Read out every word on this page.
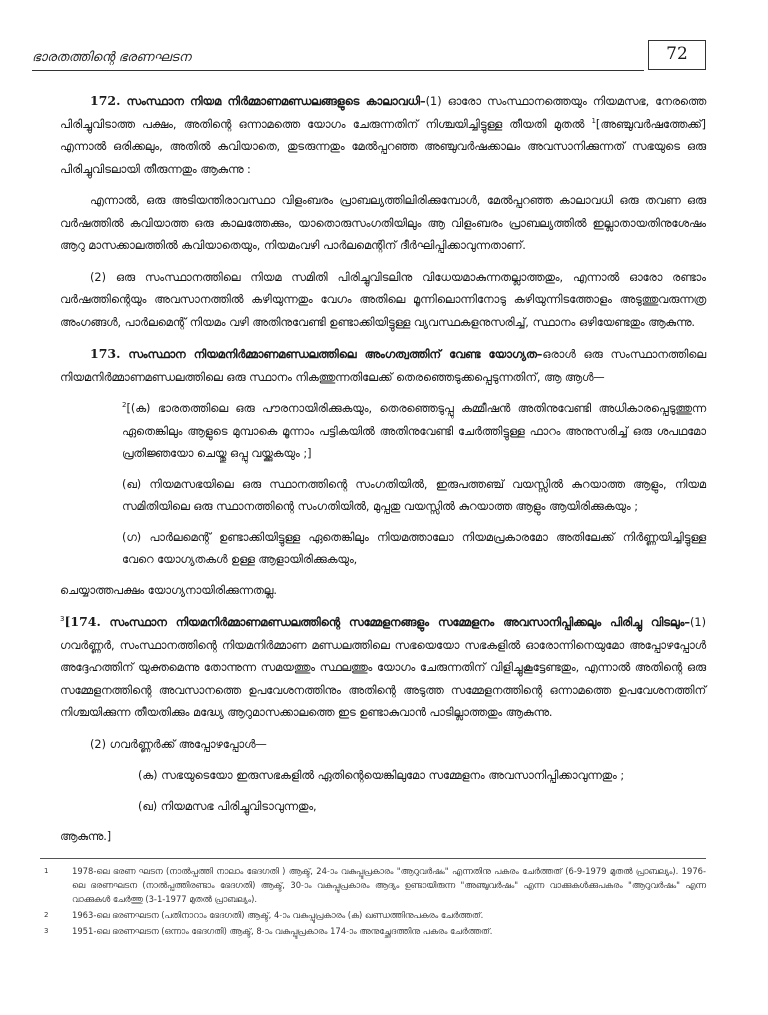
ഭാരതത്തിന്റെ ഭരണഘടന	72

172. സംസ്ഥാന നിയമ നിർമ്മാണമണ്ഡലങ്ങളുടെ കാലാവധി–(1) ഓരോ സംസ്ഥാനത്തെയും നിയമസഭ, നേരത്തെ പിരിച്ചുവിടാത്ത പക്ഷം, അതിന്റെ ഒന്നാമത്തെ യോഗം ചേരുന്നതിന് നിശ്ചയിച്ചിട്ടുള്ള തീയതി മുതൽ $^1$[അഞ്ചുവർഷത്തേക്ക്] എന്നാൽ ഒരിക്കലും, അതിൽ കവിയാതെ, തുടരുന്നതും മേൽപ്പറഞ്ഞ അഞ്ചുവർഷക്കാലം അവസാനിക്കുന്നത് സഭയുടെ ഒരു പിരിച്ചുവിടലായി തീരുന്നതും ആകുന്നു :

എന്നാൽ, ഒരു അടിയന്തിരാവസ്ഥാ വിളംബരം പ്രാബല്യത്തിലിരിക്കുമ്പോൾ, മേൽപ്പറഞ്ഞ കാലാവധി ഒരു തവണ ഒരു വർഷത്തിൽ കവിയാത്ത ഒരു കാലത്തേക്കും, യാതൊരുസംഗതിയിലും ആ വിളംബരം പ്രാബല്യത്തിൽ ഇല്ലാതായതിനുശേഷം ആറു മാസക്കാലത്തിൽ കവിയാതെയും, നിയമംവഴി പാർലമെന്റിന് ദീർഘിപ്പിക്കാവുന്നതാണ്.

(2) ഒരു സംസ്ഥാനത്തിലെ നിയമ സമിതി പിരിച്ചുവിടലിനു വിധേയമാകുന്നതല്ലാത്തതും, എന്നാൽ ഓരോ രണ്ടാം വർഷത്തിന്റെയും അവസാനത്തിൽ കഴിയുന്നതും വേഗം അതിലെ മൂന്നിലൊന്നിനോടു കഴിയുന്നിടത്തോളം അടുത്തുവരുന്നത്ര അംഗങ്ങൾ, പാർലമെന്റ് നിയമം വഴി അതിനുവേണ്ടി ഉണ്ടാക്കിയിട്ടുള്ള വ്യവസ്ഥകളനുസരിച്ച്, സ്ഥാനം ഒഴിയേണ്ടതും ആകുന്നു.

173. സംസ്ഥാന നിയമനിർമ്മാണമണ്ഡലത്തിലെ അംഗത്വത്തിന് വേണ്ട യോഗ്യത–ഒരാൾ ഒരു സംസ്ഥാനത്തിലെ നിയമനിർമ്മാണമണ്ഡലത്തിലെ ഒരു സ്ഥാനം നികത്തുന്നതിലേക്ക് തെരഞ്ഞെടുക്കപ്പെടുന്നതിന്, ആ ആൾ—

$^2$[(ക) ഭാരതത്തിലെ ഒരു പൗരനായിരിക്കുകയും, തെരഞ്ഞെടുപ്പു കമ്മീഷൻ അതിനുവേണ്ടി അധികാരപ്പെടുത്തുന്ന ഏതെങ്കിലും ആളുടെ മുമ്പാകെ മൂന്നാം പട്ടികയിൽ അതിനുവേണ്ടി ചേർത്തിട്ടുള്ള ഫാറം അനുസരിച്ച് ഒരു ശപഥമോ പ്രതിജ്ഞയോ ചെയ്തു ഒപ്പു വയ്ക്കുകയും ;]

(ഖ) നിയമസഭയിലെ ഒരു സ്ഥാനത്തിന്റെ സംഗതിയിൽ, ഇരുപത്തഞ്ച് വയസ്സിൽ കുറയാത്ത ആളും, നിയമ സമിതിയിലെ ഒരു സ്ഥാനത്തിന്റെ സംഗതിയിൽ, മുപ്പതു വയസ്സിൽ കുറയാത്ത ആളും ആയിരിക്കുകയും ;

(ഗ) പാർലമെന്റ് ഉണ്ടാക്കിയിട്ടുള്ള ഏതെങ്കിലും നിയമത്താലോ നിയമപ്രകാരമോ അതിലേക്ക് നിർണ്ണയിച്ചിട്ടുള്ള വേറെ യോഗ്യതകൾ ഉള്ള ആളായിരിക്കുകയും,

ചെയ്യാത്തപക്ഷം യോഗ്യനായിരിക്കുന്നതല്ല.

$^3$[174. സംസ്ഥാന നിയമനിർമ്മാണമണ്ഡലത്തിന്റെ സമ്മേളനങ്ങളും സമ്മേളനം അവസാനിപ്പിക്കലും പിരിച്ചു വിടലും–(1) ഗവർണ്ണർ, സംസ്ഥാനത്തിന്റെ നിയമനിർമ്മാണ മണ്ഡലത്തിലെ സഭയെയോ സഭകളിൽ ഓരോന്നിനെയുമോ അപ്പോഴപ്പോൾ അദ്ദേഹത്തിന് യുക്തമെന്നു തോന്നുന്ന സമയത്തും സ്ഥലത്തും യോഗം ചേരുന്നതിന് വിളിച്ചുകൂട്ടേണ്ടതും, എന്നാൽ അതിന്റെ ഒരു സമ്മേളനത്തിന്റെ അവസാനത്തെ ഉപവേശനത്തിനും അതിന്റെ അടുത്ത സമ്മേളനത്തിന്റെ ഒന്നാമത്തെ ഉപവേശനത്തിന് നിശ്ചയിക്കുന്ന തീയതിക്കും മദ്ധ്യേ ആറുമാസക്കാലത്തെ ഇട ഉണ്ടാകുവാൻ പാടില്ലാത്തതും ആകുന്നു.

(2) ഗവർണ്ണർക്ക് അപ്പോഴപ്പോൾ—

(ക) സഭയുടെയോ ഇരുസഭകളിൽ ഏതിന്റെയെങ്കിലുമോ സമ്മേളനം അവസാനിപ്പിക്കാവുന്നതും ;

(ഖ) നിയമസഭ പിരിച്ചുവിടാവുന്നതും,

ആകുന്നു.]

1	1978-ലെ ഭരണ ഘടന (നാൽപ്പത്തി നാലാം ഭേദഗതി ) ആക്ട്, 24-ാം വകുപ്പുപ്രകാരം "ആറുവർഷം" എന്നതിനു പകരം ചേർത്തത് (6-9-1979 മുതൽ പ്രാബല്യം). 1976-ലെ ഭരണഘടന (നാൽപ്പത്തിരണ്ടാം ഭേദഗതി) ആക്ട്, 30-ാം വകുപ്പുപ്രകാരം ആദ്യം ഉണ്ടായിരുന്ന "അഞ്ചുവർഷം" എന്ന വാക്കുകൾക്കുപകരം "ആറുവർഷം" എന്ന വാക്കുകൾ ചേർത്തു (3-1-1977 മുതൽ പ്രാബല്യം).
2	1963-ലെ ഭരണഘടന (പതിനാറാം ഭേദഗതി) ആക്ട്, 4-ാം വകുപ്പുപ്രകാരം (ക) ഖണ്ഡത്തിനുപകരം ചേർത്തത്.
3	1951-ലെ ഭരണഘടന (ഒന്നാം ഭേദഗതി) ആക്ട്, 8-ാം വകുപ്പുപ്രകാരം 174-ാം അനുച്ഛേദത്തിനു പകരം ചേർത്തത്.
